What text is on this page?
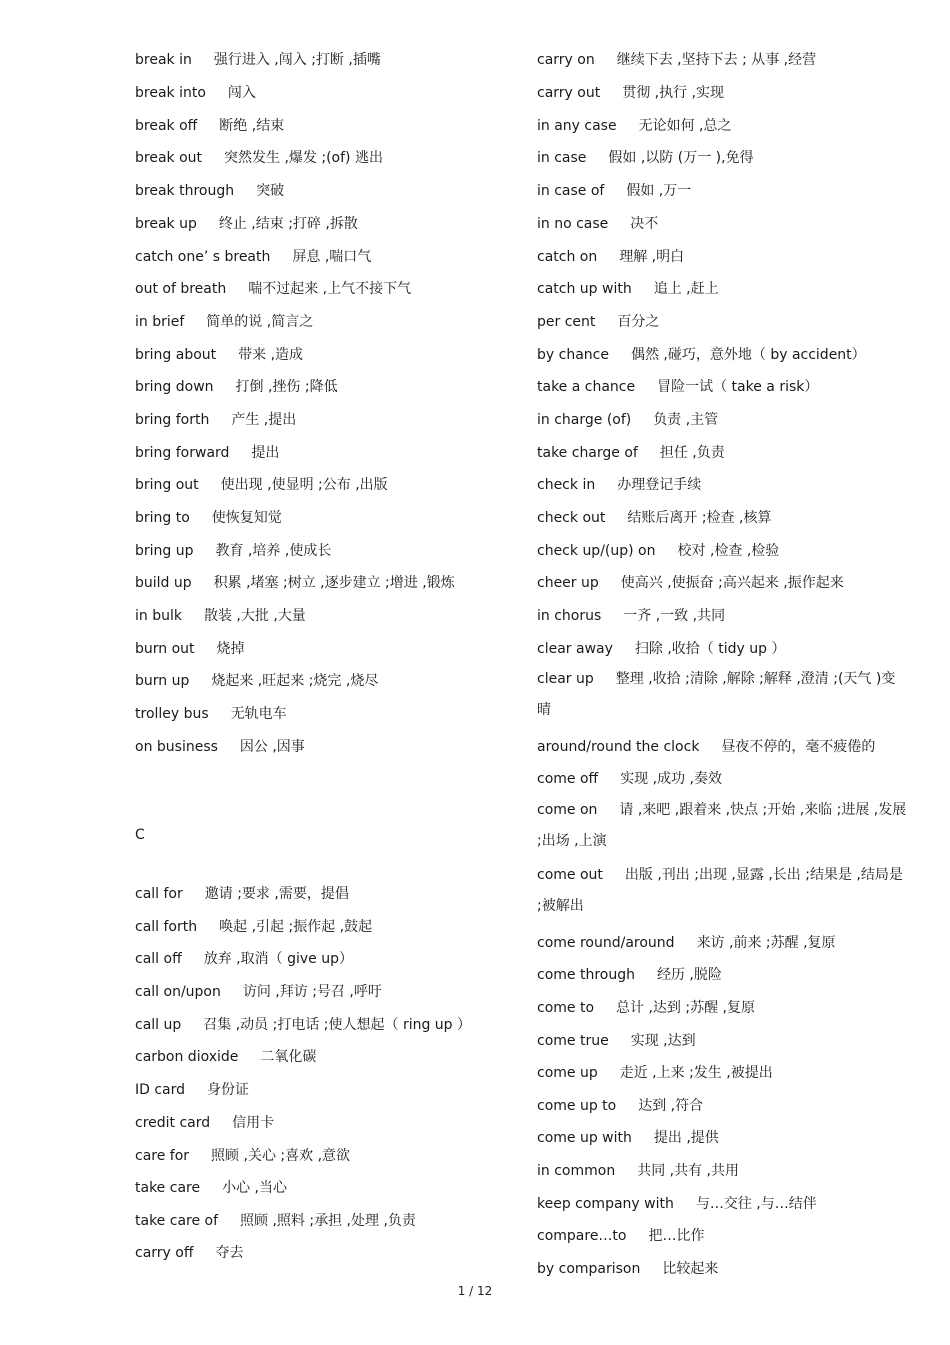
break in 强行进入 ,闯入 ;打断 ,插嘴
break into 闯入
break off 断绝 ,结束
break out 突然发生 ,爆发 ;(of) 逃出
break through 突破
break up 终止 ,结束 ;打碎 ,拆散
catch one’ s breath 屏息 ,喘口气
out of breath 喘不过起来 ,上气不接下气
in brief 简单的说 ,简言之
bring about 带来 ,造成
bring down 打倒 ,挫伤 ;降低
bring forth 产生 ,提出
bring forward 提出
bring out 使出现 ,使显明 ;公布 ,出版
bring to 使恢复知觉
bring up 教育 ,培养 ,使成长
build up 积累 ,堵塞 ;树立 ,逐步建立 ;增进 ,锻炼
in bulk 散装 ,大批 ,大量
burn out 烧掉
burn up 烧起来 ,旺起来 ;烧完 ,烧尽
trolley bus 无轨电车
on business 因公 ,因事
C
call for 邀请 ;要求 ,需要，提倡
call forth 唤起 ,引起 ;振作起 ,鼓起
call off 放弃 ,取消（ give up）
call on/upon 访问 ,拜访 ;号召 ,呼吁
call up 召集 ,动员 ;打电话 ;使人想起（ ring up ）
carbon dioxide 二氧化碳
ID card 身份证
credit card 信用卡
care for 照顾 ,关心 ;喜欢 ,意欲
take care 小心 ,当心
take care of 照顾 ,照料 ;承担 ,处理 ,负责
carry off 夺去
carry on 继续下去 ,坚持下去 ; 从事 ,经营
carry out 贯彻 ,执行 ,实现
in any case 无论如何 ,总之
in case 假如 ,以防 (万一 ),免得
in case of 假如 ,万一
in no case 决不
catch on 理解 ,明白
catch up with 追上 ,赶上
per cent 百分之
by chance 偶然 ,碰巧，意外地（ by accident）
take a chance 冒险一试（ take a risk）
in charge (of) 负责 ,主管
take charge of 担任 ,负责
check in 办理登记手续
check out 结账后离开 ;检查 ,核算
check up/(up) on 校对 ,检查 ,检验
cheer up 使高兴 ,使振奋 ;高兴起来 ,振作起来
in chorus 一齐 ,一致 ,共同
clear away 扫除 ,收拾（ tidy up ）
clear up 整理 ,收拾 ;清除 ,解除 ;解释 ,澄清 ;(天气 )变晴
around/round the clock 昼夜不停的，毫不疲倦的
come off 实现 ,成功 ,奏效
come on 请 ,来吧 ,跟着来 ,快点 ;开始 ,来临 ;进展 ,发展 ;出场 ,上演
come out 出版 ,刊出 ;出现 ,显露 ,长出 ;结果是 ,结局是 ;被解出
come round/around 来访 ,前来 ;苏醒 ,复原
come through 经历 ,脱险
come to 总计 ,达到 ;苏醒 ,复原
come true 实现 ,达到
come up 走近 ,上来 ;发生 ,被提出
come up to 达到 ,符合
come up with 提出 ,提供
in common 共同 ,共有 ,共用
keep company with 与…交往 ,与…结伴
compare…to 把…比作
by comparison 比较起来
1 / 12
